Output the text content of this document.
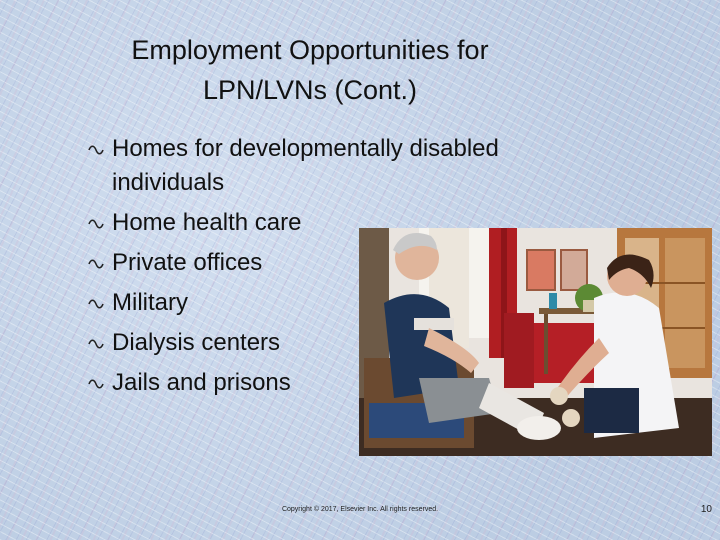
Employment Opportunities for
LPN/LVNs (Cont.)
Homes for developmentally disabled individuals
Home health care
Private offices
Military
Dialysis centers
Jails and prisons
Copyright © 2017, Elsevier Inc. All rights reserved.	10
